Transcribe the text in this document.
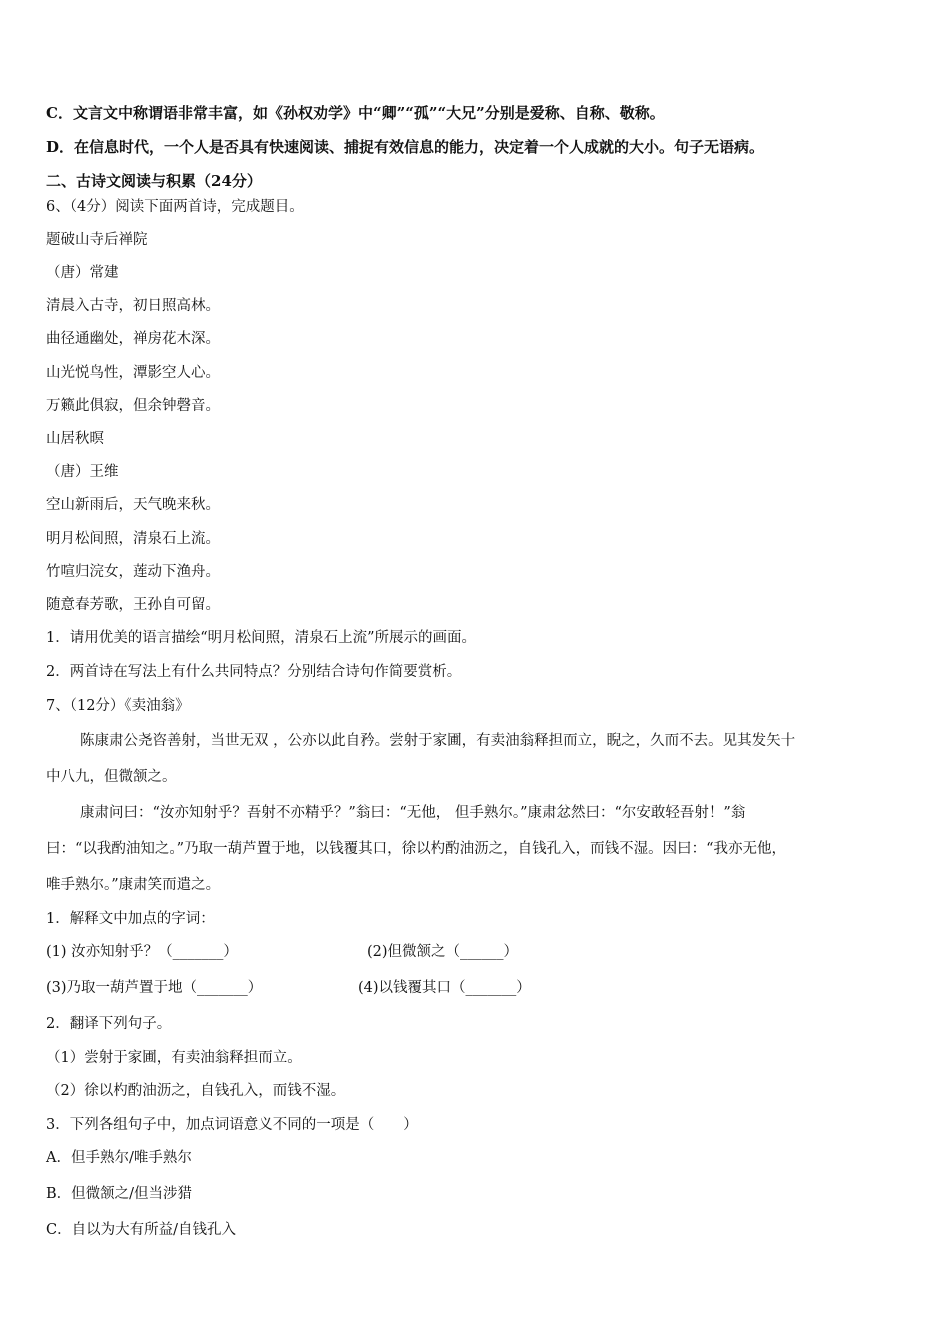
C．文言文中称谓语非常丰富，如《孙权劝学》中“卿”“孤”“大兄”分别是爱称、自称、敬称。
D．在信息时代，一个人是否具有快速阅读、捕捉有效信息的能力，决定着一个人成就的大小。句子无语病。
二、古诗文阅读与积累（24分）
6、（4分）阅读下面两首诗，完成题目。
题破山寺后禅院
（唐）常建
清晨入古寺，初日照高林。
曲径通幽处，禅房花木深。
山光悦鸟性，潭影空人心。
万籁此俱寂，但余钟磬音。
山居秋暝
（唐）王维
空山新雨后，天气晚来秋。
明月松间照，清泉石上流。
竹喧归浣女，莲动下渔舟。
随意春芳歌，王孙自可留。
1．请用优美的语言描绘“明月松间照，清泉石上流”所展示的画面。
2．两首诗在写法上有什么共同特点？分别结合诗句作简要赏析。
7、（12分）《卖油翁》
陈康肃公尧咨善射，当世无双 ，公亦以此自矜。尝射于家圃，有卖油翁释担而立，睨之，久而不去。见其发矢十
中八九，但微颔之。
康肃问曰：“汝亦知射乎？吾射不亦精乎？”翁曰：“无他， 但手熟尔。”康肃忿然曰：“尔安敢轻吾射！”翁
曰：“以我酌油知之。”乃取一葫芦置于地，以钱覆其口，徐以杓酌油沥之，自钱孔入，而钱不湿。因曰：“我亦无他，
唯手熟尔。”康肃笑而遣之。
1．解释文中加点的字词：
(1) 汝亦知射乎？（_______）	(2)但微颔之（______）
(3)乃取一葫芦置于地（_______）	(4)以钱覆其口（_______）
2．翻译下列句子。
（1）尝射于家圃，有卖油翁释担而立。
（2）徐以杓酌油沥之，自钱孔入，而钱不湿。
3．下列各组句子中，加点词语意义不同的一项是（　　）
A．但手熟尔/唯手熟尔
B．但微颔之/但当涉猎
C．自以为大有所益/自钱孔入
